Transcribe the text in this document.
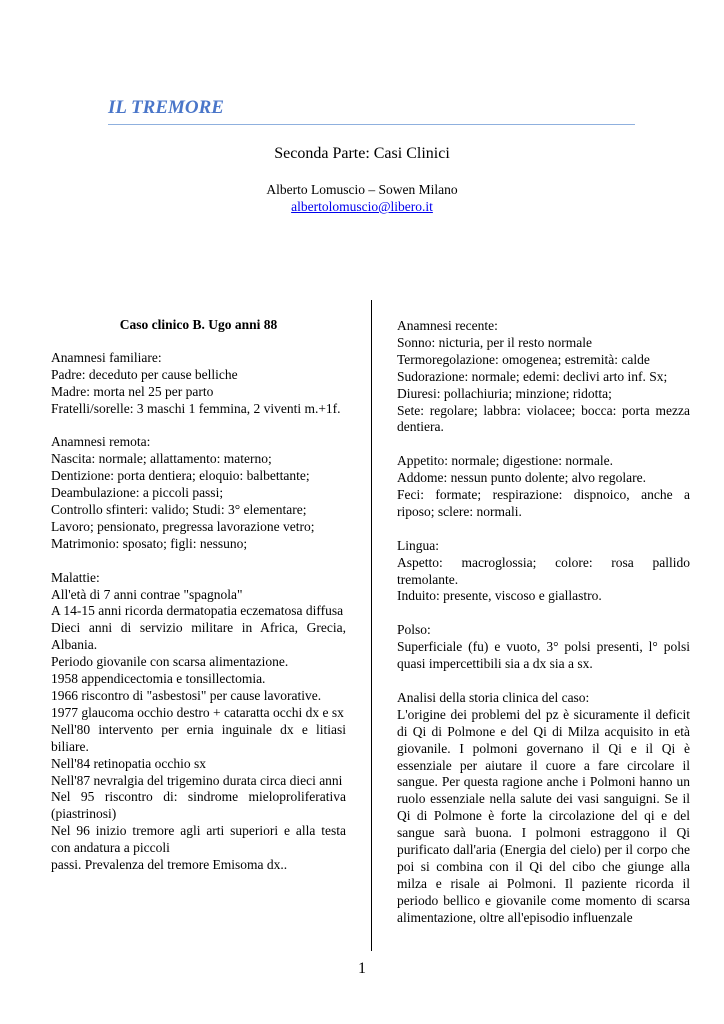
IL TREMORE
Seconda Parte: Casi Clinici
Alberto Lomuscio – Sowen Milano
albertolomuscio@libero.it

Caso clinico B. Ugo anni 88

Anamnesi familiare:

Padre: deceduto per cause belliche

Madre: morta nel 25 per parto

Fratelli/sorelle: 3 maschi 1 femmina, 2 viventi m.+1f.

Anamnesi remota:

Nascita: normale; allattamento: materno;

Dentizione: porta dentiera; eloquio: balbettante;

Deambulazione: a piccoli passi;

Controllo sfinteri: valido; Studi: 3° elementare;

Lavoro; pensionato, pregressa lavorazione vetro;

Matrimonio: sposato; figli: nessuno;

Malattie:

All'età di 7 anni contrae "spagnola"

A 14-15 anni ricorda dermatopatia eczematosa diffusa

Dieci anni di servizio militare in Africa, Grecia, Albania.

Periodo giovanile con scarsa alimentazione.

1958 appendicectomia e tonsillectomia.

1966 riscontro di "asbestosi" per cause lavorative.

1977 glaucoma occhio destro + cataratta occhi dx e sx

Nell'80 intervento per ernia inguinale dx e litiasi biliare.

Nell'84 retinopatia occhio sx

Nell'87 nevralgia del trigemino durata circa dieci anni

Nel 95 riscontro di: sindrome mieloproliferativa (piastrinosi)

Nel 96 inizio tremore agli arti superiori e alla testa con andatura a piccoli

passi. Prevalenza del tremore Emisoma dx..

Anamnesi recente:

Sonno: nicturia, per il resto normale

Termoregolazione: omogenea; estremità: calde

Sudorazione: normale; edemi: declivi arto inf. Sx;

Diuresi: pollachiuria; minzione; ridotta;

Sete: regolare; labbra: violacee; bocca: porta mezza dentiera.

Appetito: normale; digestione: normale.

Addome: nessun punto dolente; alvo regolare.

Feci: formate; respirazione: dispnoico, anche a riposo; sclere: normali.

Lingua:

Aspetto: macroglossia; colore: rosa pallido tremolante.

Induito: presente, viscoso e giallastro.

Polso:

Superficiale (fu) e vuoto, 3° polsi presenti, l° polsi quasi impercettibili sia a dx sia a sx.

Analisi della storia clinica del caso:

L'origine dei problemi del pz è sicuramente il deficit di Qi di Polmone e del Qi di Milza acquisito in età giovanile. I polmoni governano il Qi e il Qi è essenziale per aiutare il cuore a fare circolare il sangue. Per questa ragione anche i Polmoni hanno un ruolo essenziale nella salute dei vasi sanguigni. Se il Qi di Polmone è forte la circolazione del qi e del sangue sarà buona. I polmoni estraggono il Qi purificato dall'aria (Energia del cielo) per il corpo che poi si combina con il Qi del cibo che giunge alla milza e risale ai Polmoni. Il paziente ricorda il periodo bellico e giovanile come momento di scarsa alimentazione, oltre all'episodio influenzale

1
